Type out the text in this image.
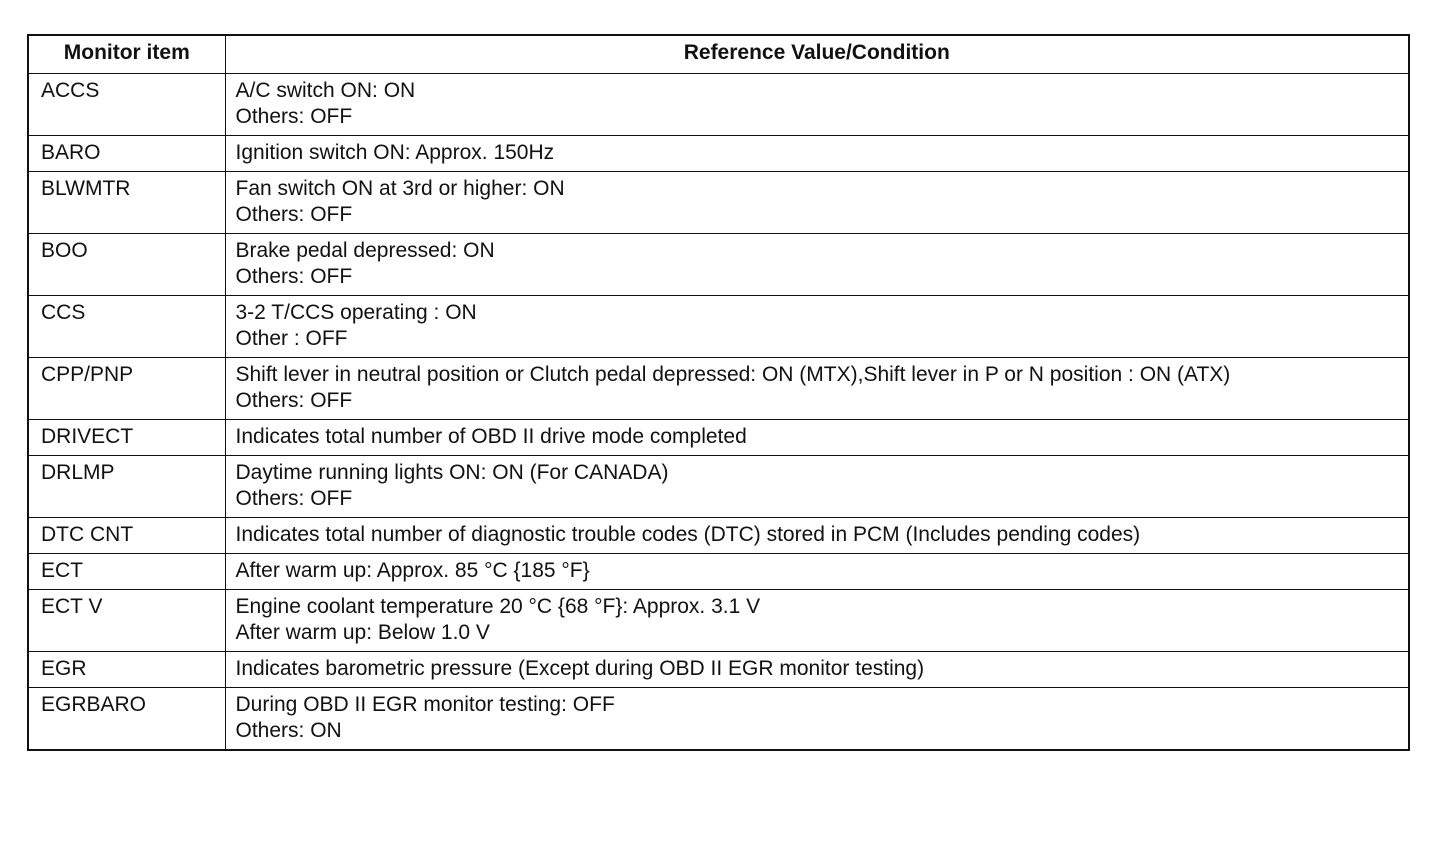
Monitor item	Reference Value/Condition
ACCS	A/C switch ON: ON
Others: OFF

BARO	Ignition switch ON: Approx. 150Hz

BLWMTR	Fan switch ON at 3rd or higher: ON
Others: OFF

BOO	Brake pedal depressed: ON
Others: OFF

CCS	3-2 T/CCS operating : ON
Other : OFF

CPP/PNP	Shift lever in neutral position or Clutch pedal depressed: ON (MTX),Shift lever in P or N position : ON (ATX)
Others: OFF

DRIVECT	Indicates total number of OBD II drive mode completed

DRLMP	Daytime running lights ON: ON (For CANADA)
Others: OFF

DTC CNT	Indicates total number of diagnostic trouble codes (DTC) stored in PCM (Includes pending codes)

ECT	After warm up: Approx. 85 °C {185 °F}

ECT V	Engine coolant temperature 20 °C {68 °F}: Approx. 3.1 V
After warm up: Below 1.0 V

EGR	Indicates barometric pressure (Except during OBD II EGR monitor testing)

EGRBARO	During OBD II EGR monitor testing: OFF
Others: ON
